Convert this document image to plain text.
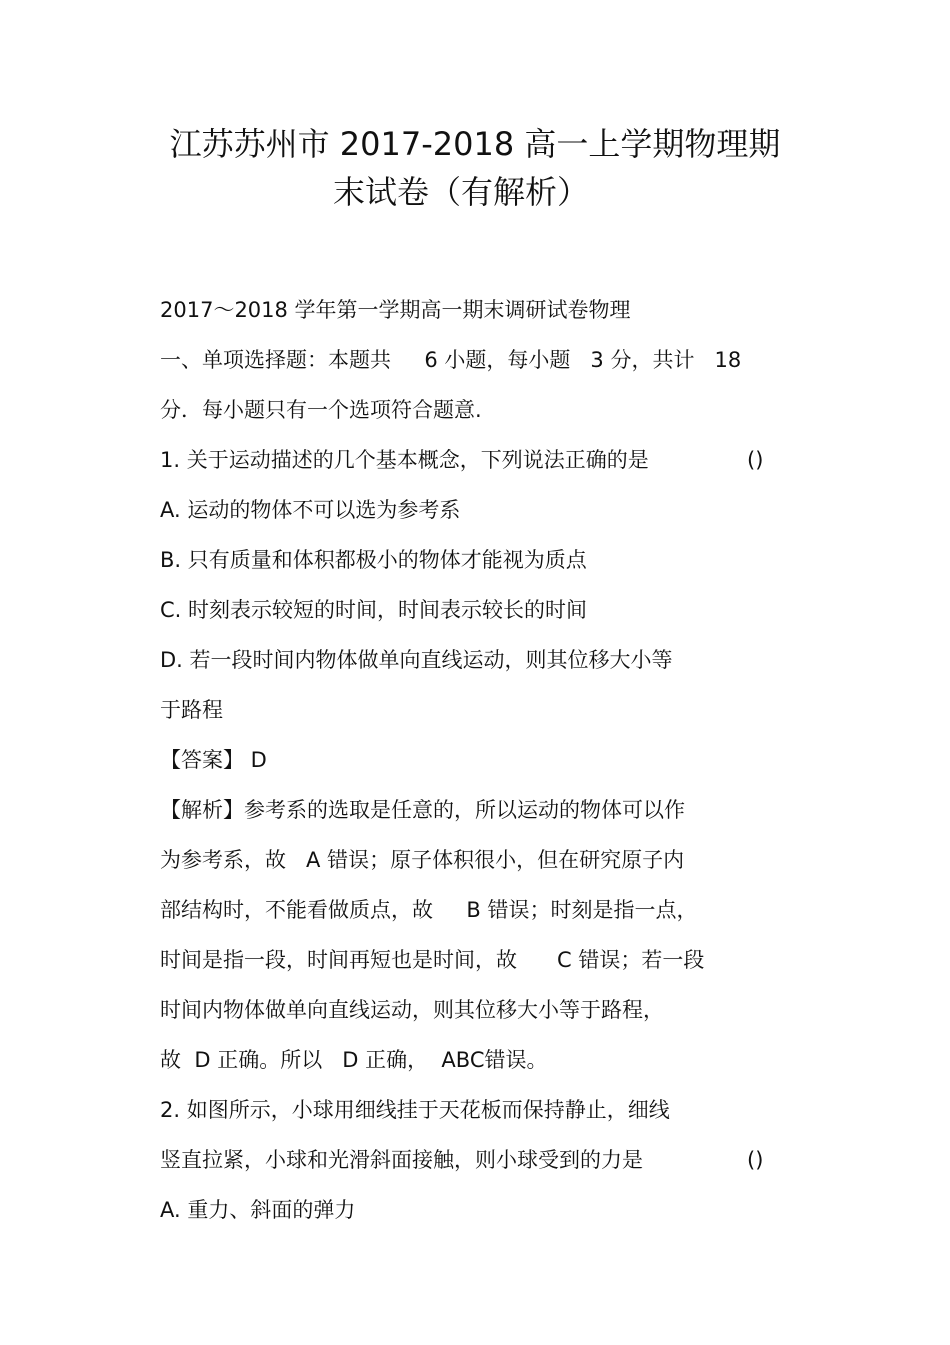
江苏苏州市 2017-2018 高一上学期物理期
末试卷（有解析）
2017～2018 学年第一学期高一期末调研试卷物理
一、单项选择题：本题共     6 小题，每小题   3 分，共计   18
分．每小题只有一个选项符合题意.
1. 关于运动描述的几个基本概念，下列说法正确的是	()
A. 运动的物体不可以选为参考系
B. 只有质量和体积都极小的物体才能视为质点
C. 时刻表示较短的时间，时间表示较长的时间
D. 若一段时间内物体做单向直线运动，则其位移大小等
于路程
【答案】 D
【解析】参考系的选取是任意的，所以运动的物体可以作
为参考系，故   A 错误；原子体积很小，但在研究原子内
部结构时，不能看做质点，故     B 错误；时刻是指一点，
时间是指一段，时间再短也是时间，故      C 错误；若一段
时间内物体做单向直线运动，则其位移大小等于路程，
故  D 正确。所以   D 正确，  ABC错误。
2. 如图所示，小球用细线挂于天花板而保持静止，细线
竖直拉紧，小球和光滑斜面接触，则小球受到的力是	()
A. 重力、斜面的弹力
